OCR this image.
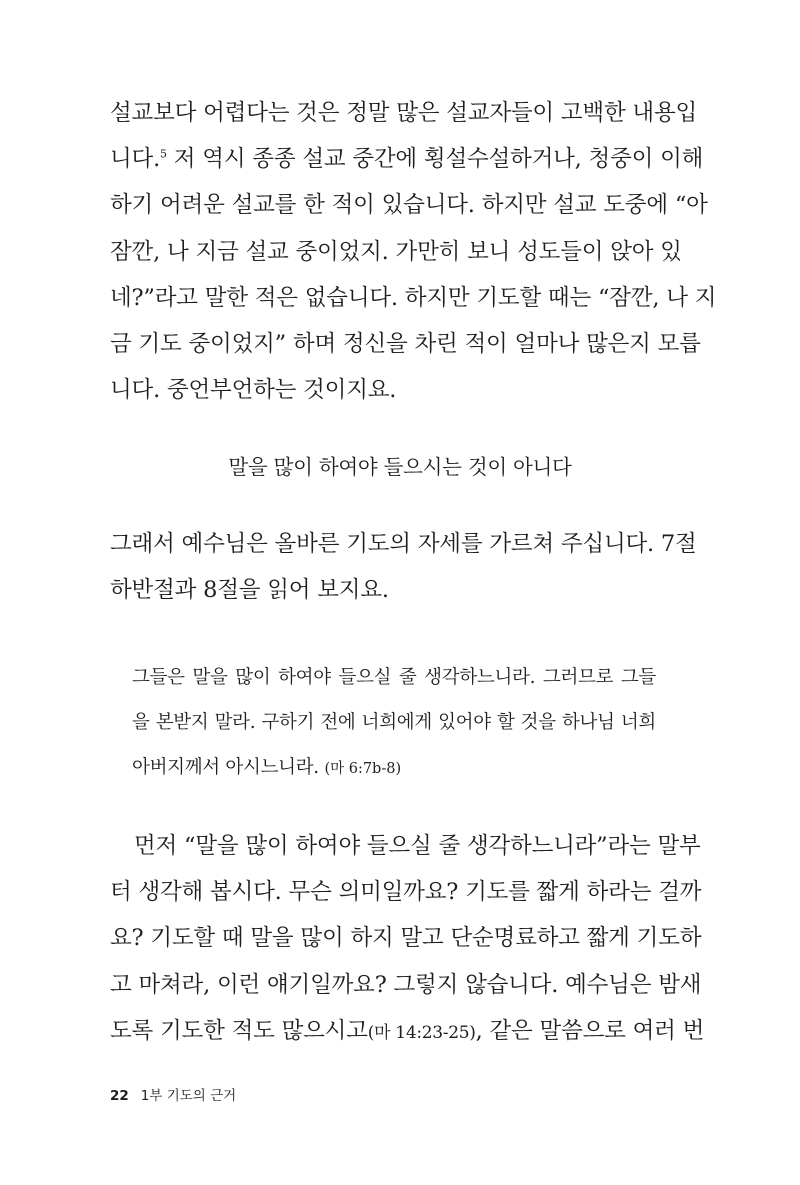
설교보다 어렵다는 것은 정말 많은 설교자들이 고백한 내용입
니다.$^5$ 저 역시 종종 설교 중간에 횡설수설하거나, 청중이 이해
하기 어려운 설교를 한 적이 있습니다. 하지만 설교 도중에 “아
잠깐, 나 지금 설교 중이었지. 가만히 보니 성도들이 앉아 있
네?”라고 말한 적은 없습니다. 하지만 기도할 때는 “잠깐, 나 지
금 기도 중이었지” 하며 정신을 차린 적이 얼마나 많은지 모릅
니다. 중언부언하는 것이지요.
말을 많이 하여야 들으시는 것이 아니다
그래서 예수님은 올바른 기도의 자세를 가르쳐 주십니다. 7절
하반절과 8절을 읽어 보지요.
그들은 말을 많이 하여야 들으실 줄 생각하느니라. 그러므로 그들
을 본받지 말라. 구하기 전에 너희에게 있어야 할 것을 하나님 너희
아버지께서 아시느니라. (마 6:7b-8)
먼저 “말을 많이 하여야 들으실 줄 생각하느니라”라는 말부
터 생각해 봅시다. 무슨 의미일까요? 기도를 짧게 하라는 걸까
요? 기도할 때 말을 많이 하지 말고 단순명료하고 짧게 기도하
고 마쳐라, 이런 얘기일까요? 그렇지 않습니다. 예수님은 밤새
도록 기도한 적도 많으시고(마 14:23-25), 같은 말씀으로 여러 번
22 1부 기도의 근거
